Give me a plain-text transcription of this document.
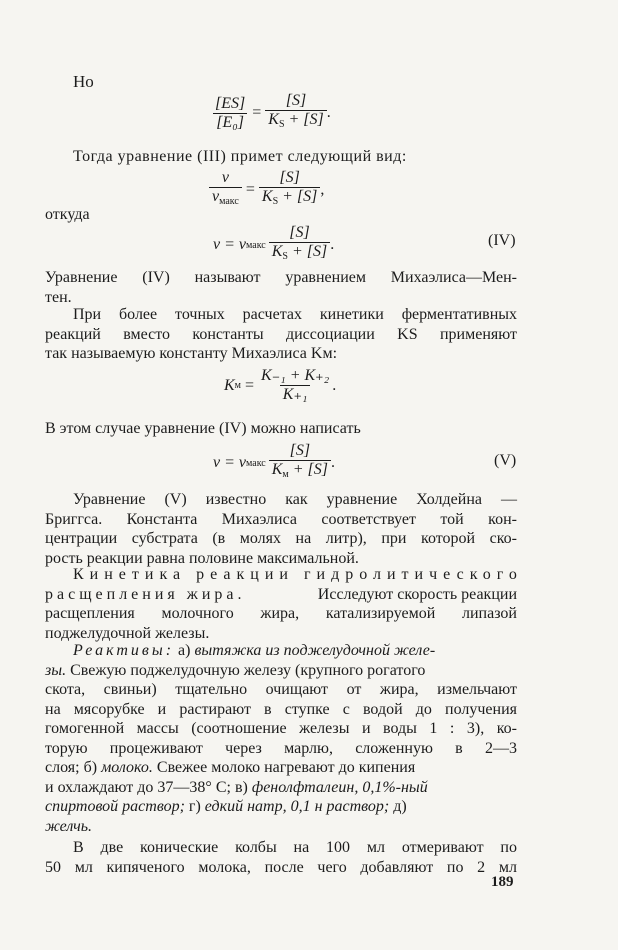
Но
$\frac{[ES]}{\text{[E₀]}} = \frac{[S]}{K_S + [S]}$ .
Тогда уравнение (III) примет следующий вид:
$\frac{v}{v_{макс}} = \frac{[S]}{K_S + [S]}$ ,
откуда
v = v макс $\frac{[S]}{K_S + [S]}$ .	(IV)
Уравнение (IV) называют уравнением Михаэлиса—Мен-
тен.
При более точных расчетах кинетики ферментативных
реакций вместо константы диссоциации KS применяют
так называемую константу Михаэлиса Kм:
K $м = \frac{\text{K₋₁ + K₊₂}}{\text{K₊₁}}$ .
В этом случае уравнение (IV) можно написать
v = v макс $\frac{[S]}{K_м + [S]}$ .	(V)
Уравнение (V) известно как уравнение Холдейна —
Бриггса. Константа Михаэлиса соответствует той кон-
центрации субстрата (в молях на литр), при которой ско-
рость реакции равна половине максимальной.
Кинетика реакции гидролитического
расщепления жира.	Исследуют скорость реакции
расщепления молочного жира, катализируемой липазой
поджелудочной железы.
Реактивы: а) вытяжка из поджелудочной желе-
зы. Свежую поджелудочную железу (крупного рогатого
скота, свиньи) тщательно очищают от жира, измельчают
на мясорубке и растирают в ступке с водой до получения
гомогенной массы (соотношение железы и воды 1 : 3), ко-
торую процеживают через марлю, сложенную в 2—3
слоя; б) молоко. Свежее молоко нагревают до кипения
и охлаждают до 37—38° С; в) фенолфталеин, 0,1%-ный
спиртовой раствор; г) едкий натр, 0,1 н раствор; д)
желчь.
В две конические колбы на 100 мл отмеривают по
50 мл кипяченого молока, после чего добавляют по 2 мл
189
